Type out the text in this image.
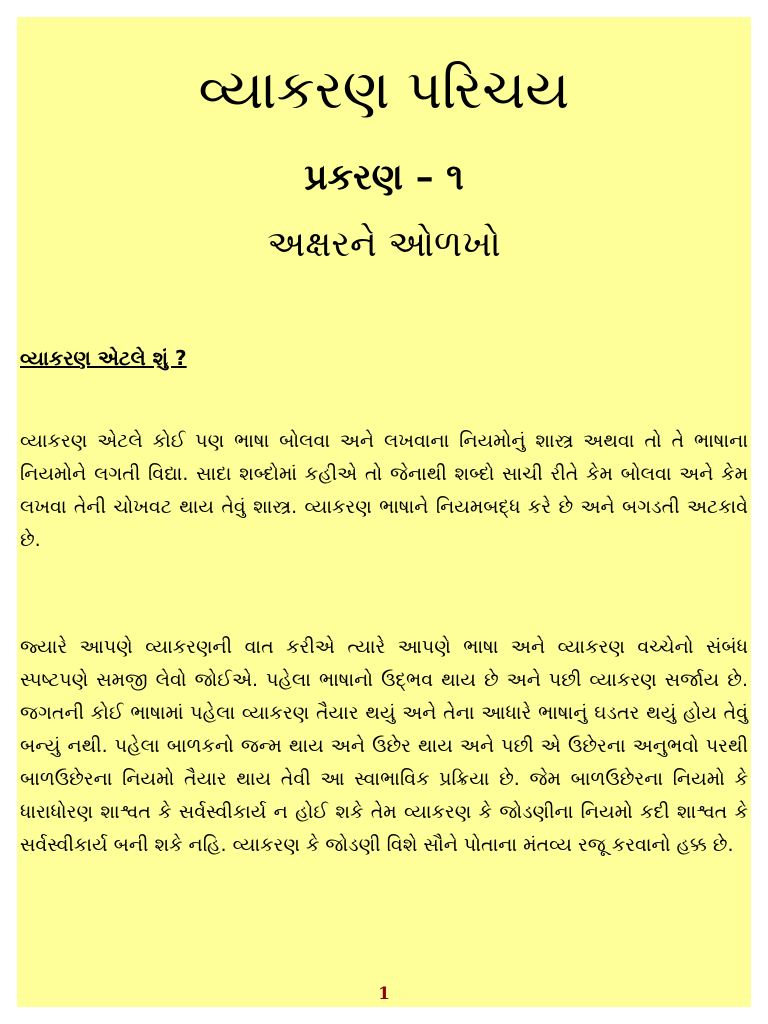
વ્યાકરણ પરિચય
પ્રકરણ – ૧
અક્ષરને ઓળખો
વ્યાકરણ એટલે શું ?

વ્યાકરણ એટલે કોઈ પણ ભાષા બોલવા અને લખવાના નિયમોનું શાસ્ત્ર અથવા તો તે ભાષાના નિયમોને લગતી વિદ્યા. સાદા શબ્દોમાં કહીએ તો જેનાથી શબ્દો સાચી રીતે કેમ બોલવા અને કેમ લખવા તેની ચોખવટ થાય તેવું શાસ્ત્ર. વ્યાકરણ ભાષાને નિયમબદ્ધ કરે છે અને બગડતી અટકાવે છે.

જ્યારે આપણે વ્યાકરણની વાત કરીએ ત્યારે આપણે ભાષા અને વ્યાકરણ વચ્ચેનો સંબંધ સ્પષ્ટપણે સમજી લેવો જોઈએ. પહેલા ભાષાનો ઉદ્ભવ થાય છે અને પછી વ્યાકરણ સર્જાય છે. જગતની કોઈ ભાષામાં પહેલા વ્યાકરણ તૈયાર થયું અને તેના આધારે ભાષાનું ઘડતર થયું હોય તેવું બન્યું નથી. પહેલા બાળકનો જન્મ થાય અને ઉછેર થાય અને પછી એ ઉછેરના અનુભવો પરથી બાળઉછેરના નિયમો તૈયાર થાય તેવી આ સ્વાભાવિક પ્રક્રિયા છે. જેમ બાળઉછેરના નિયમો કે ધારાધોરણ શાશ્વત કે સર્વસ્વીકાર્ય ન હોઈ શકે તેમ વ્યાકરણ કે જોડણીના નિયમો કદી શાશ્વત કે સર્વસ્વીકાર્ય બની શકે નહિ. વ્યાકરણ કે જોડણી વિશે સૌને પોતાના મંતવ્ય રજૂ કરવાનો હક્ક છે.

1
